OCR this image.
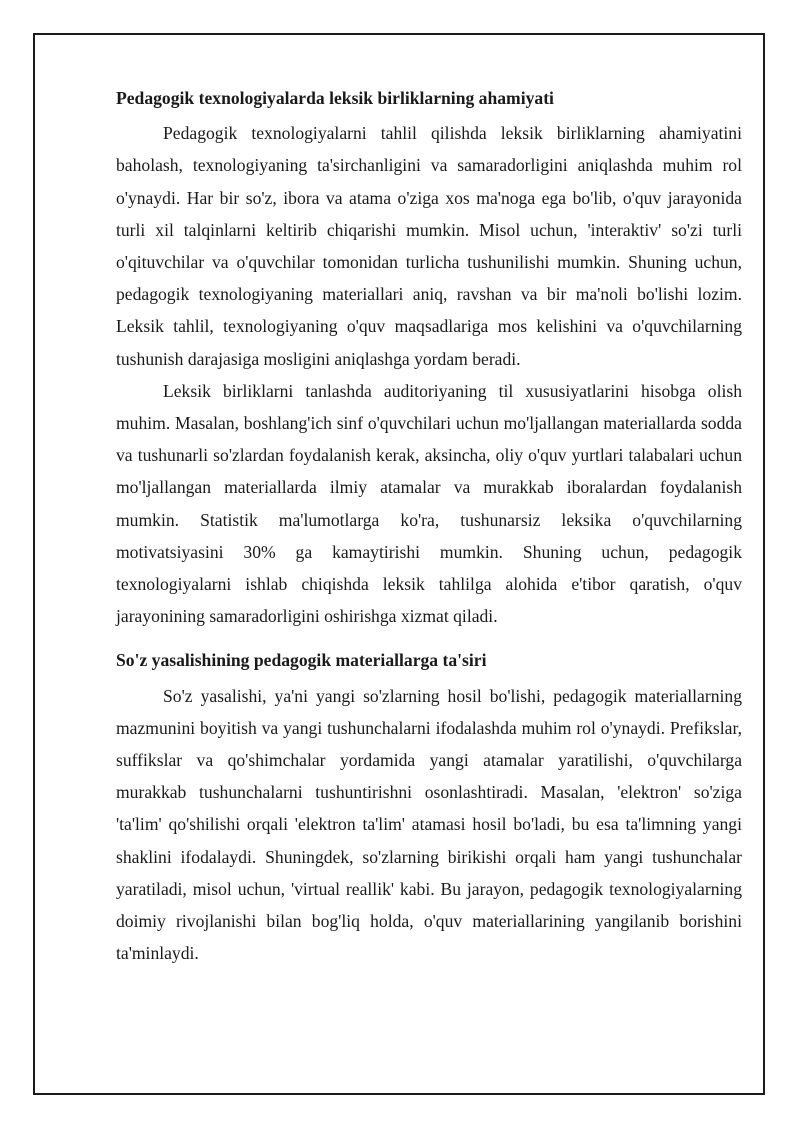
Pedagogik texnologiyalarda leksik birliklarning ahamiyati

Pedagogik texnologiyalarni tahlil qilishda leksik birliklarning ahamiyatini baholash, texnologiyaning ta'sirchanligini va samaradorligini aniqlashda muhim rol o'ynaydi. Har bir so'z, ibora va atama o'ziga xos ma'noga ega bo'lib, o'quv jarayonida turli xil talqinlarni keltirib chiqarishi mumkin. Misol uchun, 'interaktiv' so'zi turli o'qituvchilar va o'quvchilar tomonidan turlicha tushunilishi mumkin. Shuning uchun, pedagogik texnologiyaning materiallari aniq, ravshan va bir ma'noli bo'lishi lozim. Leksik tahlil, texnologiyaning o'quv maqsadlariga mos kelishini va o'quvchilarning tushunish darajasiga mosligini aniqlashga yordam beradi.

Leksik birliklarni tanlashda auditoriyaning til xususiyatlarini hisobga olish muhim. Masalan, boshlang'ich sinf o'quvchilari uchun mo'ljallangan materiallarda sodda va tushunarli so'zlardan foydalanish kerak, aksincha, oliy o'quv yurtlari talabalari uchun mo'ljallangan materiallarda ilmiy atamalar va murakkab iboralardan foydalanish mumkin. Statistik ma'lumotlarga ko'ra, tushunarsiz leksika o'quvchilarning motivatsiyasini 30% ga kamaytirishi mumkin. Shuning uchun, pedagogik texnologiyalarni ishlab chiqishda leksik tahlilga alohida e'tibor qaratish, o'quv jarayonining samaradorligini oshirishga xizmat qiladi.

So'z yasalishining pedagogik materiallarga ta'siri

So'z yasalishi, ya'ni yangi so'zlarning hosil bo'lishi, pedagogik materiallarning mazmunini boyitish va yangi tushunchalarni ifodalashda muhim rol o'ynaydi. Prefikslar, suffikslar va qo'shimchalar yordamida yangi atamalar yaratilishi, o'quvchilarga murakkab tushunchalarni tushuntirishni osonlashtiradi. Masalan, 'elektron' so'ziga 'ta'lim' qo'shilishi orqali 'elektron ta'lim' atamasi hosil bo'ladi, bu esa ta'limning yangi shaklini ifodalaydi. Shuningdek, so'zlarning birikishi orqali ham yangi tushunchalar yaratiladi, misol uchun, 'virtual reallik' kabi. Bu jarayon, pedagogik texnologiyalarning doimiy rivojlanishi bilan bog'liq holda, o'quv materiallarining yangilanib borishini ta'minlaydi.
